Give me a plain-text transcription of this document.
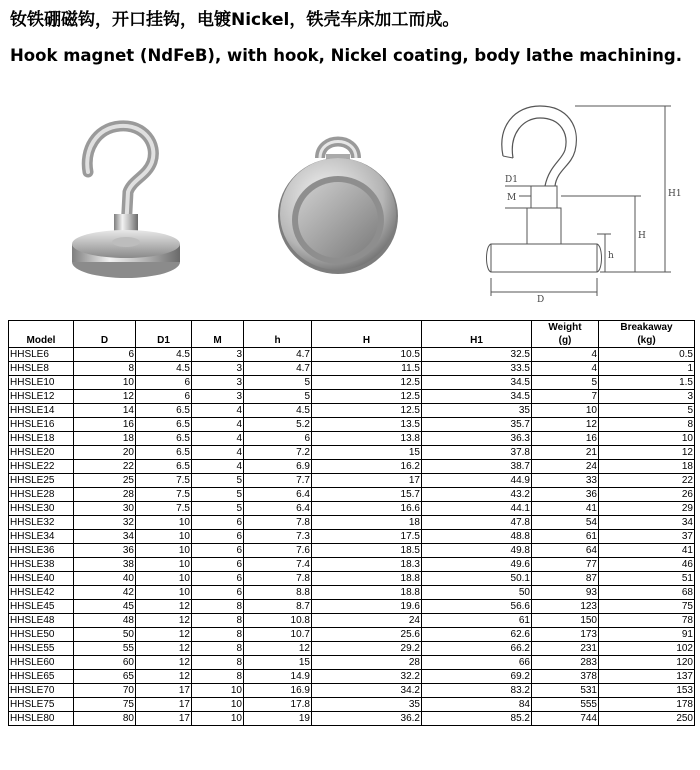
钕铁硼磁钩，开口挂钩，电镀Nickel，铁壳车床加工而成。
Hook magnet (NdFeB), with hook, Nickel coating, body lathe machining.
D1
M	H1
H
h
D
							Weight	Breakaway
Model	D	D1	M	h	H	H1	(g)	(kg)
HHSLE6	6	4.5	3	4.7	10.5	32.5	4	0.5
HHSLE8	8	4.5	3	4.7	11.5	33.5	4	1
HHSLE10	10	6	3	5	12.5	34.5	5	1.5
HHSLE12	12	6	3	5	12.5	34.5	7	3
HHSLE14	14	6.5	4	4.5	12.5	35	10	5
HHSLE16	16	6.5	4	5.2	13.5	35.7	12	8
HHSLE18	18	6.5	4	6	13.8	36.3	16	10
HHSLE20	20	6.5	4	7.2	15	37.8	21	12
HHSLE22	22	6.5	4	6.9	16.2	38.7	24	18
HHSLE25	25	7.5	5	7.7	17	44.9	33	22
HHSLE28	28	7.5	5	6.4	15.7	43.2	36	26
HHSLE30	30	7.5	5	6.4	16.6	44.1	41	29
HHSLE32	32	10	6	7.8	18	47.8	54	34
HHSLE34	34	10	6	7.3	17.5	48.8	61	37
HHSLE36	36	10	6	7.6	18.5	49.8	64	41
HHSLE38	38	10	6	7.4	18.3	49.6	77	46
HHSLE40	40	10	6	7.8	18.8	50.1	87	51
HHSLE42	42	10	6	8.8	18.8	50	93	68
HHSLE45	45	12	8	8.7	19.6	56.6	123	75
HHSLE48	48	12	8	10.8	24	61	150	78
HHSLE50	50	12	8	10.7	25.6	62.6	173	91
HHSLE55	55	12	8	12	29.2	66.2	231	102
HHSLE60	60	12	8	15	28	66	283	120
HHSLE65	65	12	8	14.9	32.2	69.2	378	137
HHSLE70	70	17	10	16.9	34.2	83.2	531	153
HHSLE75	75	17	10	17.8	35	84	555	178
HHSLE80	80	17	10	19	36.2	85.2	744	250
